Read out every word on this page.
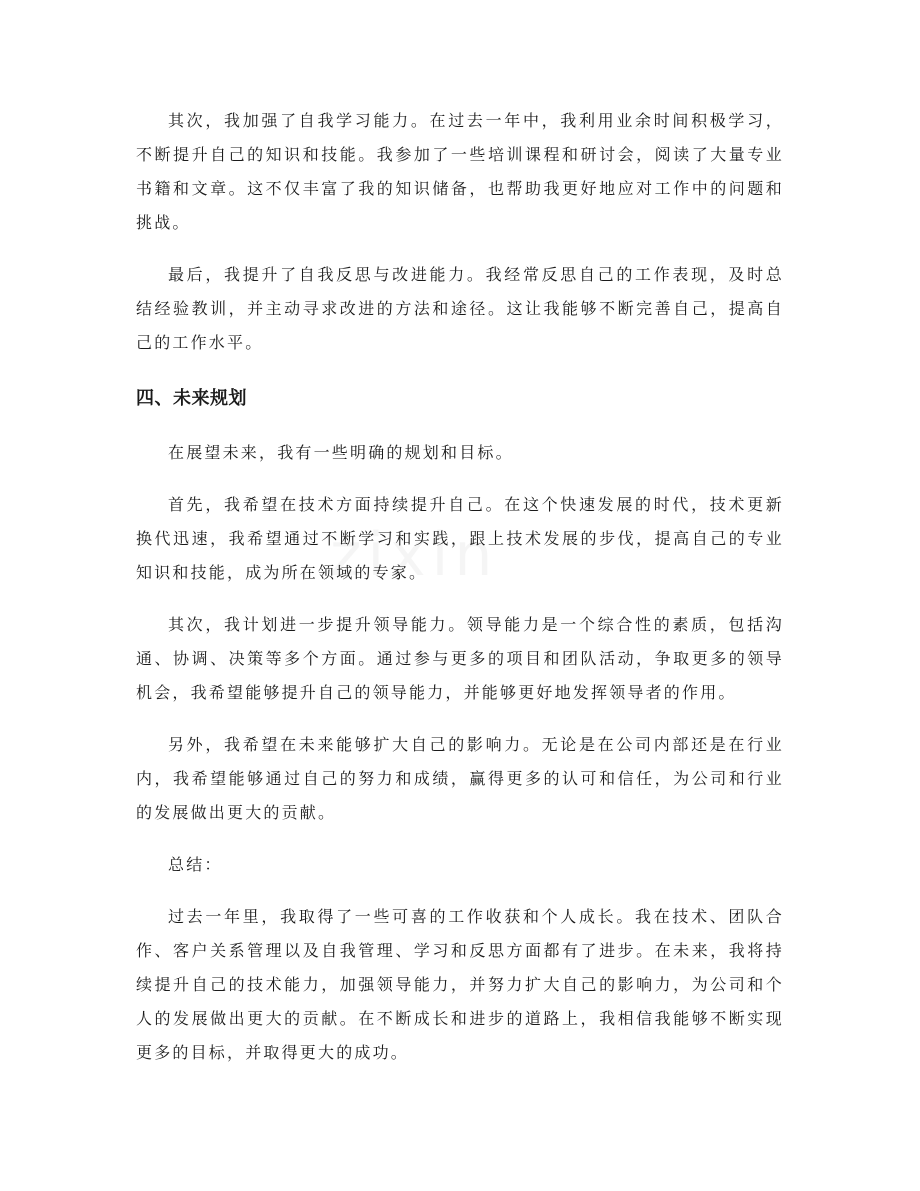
其次，我加强了自我学习能力。在过去一年中，我利用业余时间积极学习，不断提升自己的知识和技能。我参加了一些培训课程和研讨会，阅读了大量专业书籍和文章。这不仅丰富了我的知识储备，也帮助我更好地应对工作中的问题和挑战。

最后，我提升了自我反思与改进能力。我经常反思自己的工作表现，及时总结经验教训，并主动寻求改进的方法和途径。这让我能够不断完善自己，提高自己的工作水平。

四、未来规划

在展望未来，我有一些明确的规划和目标。

首先，我希望在技术方面持续提升自己。在这个快速发展的时代，技术更新换代迅速，我希望通过不断学习和实践，跟上技术发展的步伐，提高自己的专业知识和技能，成为所在领域的专家。

其次，我计划进一步提升领导能力。领导能力是一个综合性的素质，包括沟通、协调、决策等多个方面。通过参与更多的项目和团队活动，争取更多的领导机会，我希望能够提升自己的领导能力，并能够更好地发挥领导者的作用。

另外，我希望在未来能够扩大自己的影响力。无论是在公司内部还是在行业内，我希望能够通过自己的努力和成绩，赢得更多的认可和信任，为公司和行业的发展做出更大的贡献。

总结：

过去一年里，我取得了一些可喜的工作收获和个人成长。我在技术、团队合作、客户关系管理以及自我管理、学习和反思方面都有了进步。在未来，我将持续提升自己的技术能力，加强领导能力，并努力扩大自己的影响力，为公司和个人的发展做出更大的贡献。在不断成长和进步的道路上，我相信我能够不断实现更多的目标，并取得更大的成功。
